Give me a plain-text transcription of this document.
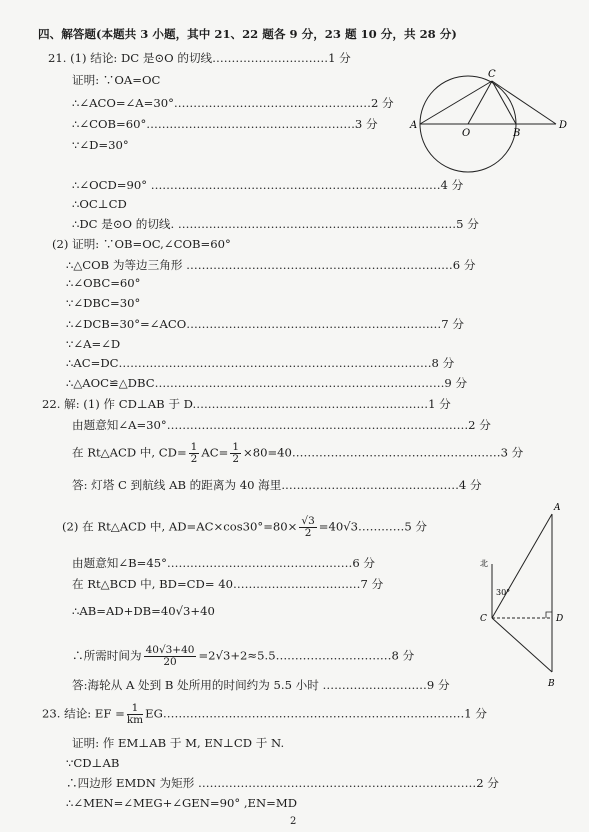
四、解答题(本题共 3 小题，其中 21、22 题各 9 分，23 题 10 分，共 28 分)
21. (1) 结论: DC 是⊙O 的切线…………………………1 分
证明: ∵OA=OC
∴∠ACO=∠A=30°……………………………………………2 分
∴∠COB=60°………………………………………………3 分
∵∠D=30°
∴∠OCD=90° …………………………………………………………………4 分
∴OC⊥CD
∴DC 是⊙O 的切线. ………………………………………………………………5 分
(2) 证明: ∵OB=OC,∠COB=60°
∴△COB 为等边三角形 ……………………………………………………………6 分
∴∠OBC=60°
∵∠DBC=30°
∴∠DCB=30°=∠ACO…………………………………………………………7 分
∵∠A=∠D
∴AC=DC………………………………………………………………………8 分
∴△AOC≌△DBC…………………………………………………………………9 分
C
A
O	B
D
22. 解: (1) 作 CD⊥AB 于 D.……………………………………………………1 分
由题意知∠A=30°……………………………………………………………………2 分
在 Rt△ACD 中, $CD= \frac{1}{2} AC= \frac{1}{2}$ ×80=40………………………………………………3 分
答: 灯塔 C 到航线 AB 的距离为 40 海里.………………………………………4 分
(2) 在 Rt△ACD 中, $AD=AC\times\cos 30^\circ=80\times \frac{√3}{2}$ =40√3…………5 分
由题意知∠B=45°…………………………………………6 分
在 Rt△BCD 中, BD=CD= 40……………………………7 分
∴AB=AD+DB=40√3+40
∴所需时间为 $\frac{40√3+40}{20}$ =2√3+2≈5.5…………………………8 分
答:海轮从 A 处到 B 处所用的时间约为 5.5 小时 ………………………9 分
A
北
30°
C	D
B
23. 结论: EF = $\frac{1}{km}$ EG……………………………………………………………………1 分
证明: 作 EM⊥AB 于 M, EN⊥CD 于 N.
∵CD⊥AB
∴四边形 EMDN 为矩形 ………………………………………………………………2 分
∴∠MEN=∠MEG+∠GEN=90° ,EN=MD
2
